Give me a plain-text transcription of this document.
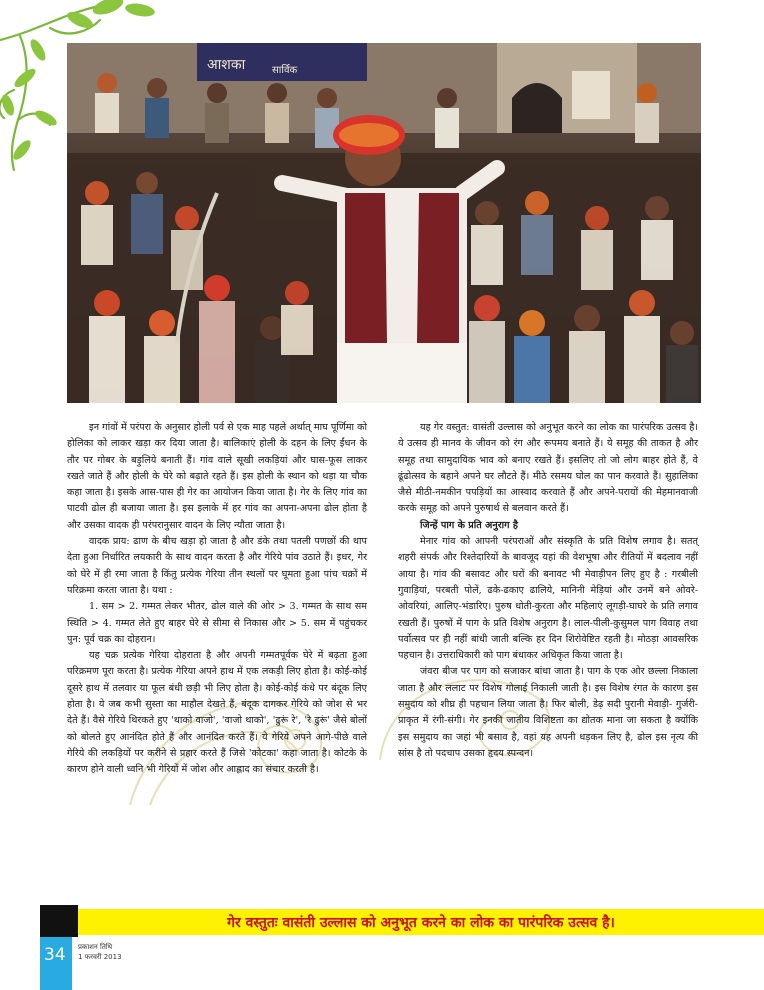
आशका	सार्विक

इन गांवों में परंपरा के अनुसार होली पर्व से एक माह पहले अर्थात् माघ पूर्णिमा को होलिका को लाकर खड़ा कर दिया जाता है। बालिकाएं होली के दहन के लिए ईंधन के तौर पर गोबर के बड़ुलिये बनाती हैं। गांव वाले सूखी लकड़ियां और घास-फूस लाकर रखते जाते हैं और होली के घेरे को बढ़ाते रहते हैं। इस होली के स्थान को थड़ा या चौक कहा जाता है। इसके आस-पास ही गेर का आयोजन किया जाता है। गेर के लिए गांव का पाटवी ढोल ही बजाया जाता है। इस इलाके में हर गांव का अपना-अपना ढोल होता है और उसका वादक ही परंपरानुसार वादन के लिए न्यौता जाता है।

वादक प्राय: ढाण के बीच खड़ा हो जाता है और डंके तथा पतली पणछों की थाप देता हुआ निर्धारित लयकारी के साथ वादन करता है और गेरिये पांव उठाते हैं। इधर, गेर को घेरे में ही रमा जाता है किंतु प्रत्येक गेरिया तीन स्थलों पर घूमता हुआ पांच चक्रों में परिक्रमा करता जाता है। यथा :

1. सम > 2. गम्मत लेकर भीतर, ढोल वाले की ओर > 3. गम्मत के साथ सम स्थिति > 4. गम्मत लेते हुए बाहर घेरे से सीमा से निकास और > 5. सम में पहुंचकर पुन: पूर्व चक्र का दोहरान।

यह चक्र प्रत्येक गेरिया दोहराता है और अपनी गम्मतपूर्वक घेरे में बढ़ता हुआ परिक्रमण पूरा करता है। प्रत्येक गेरिया अपने हाथ में एक लकड़ी लिए होता है। कोई-कोई दूसरे हाथ में तलवार या फूल बंधी छड़ी भी लिए होता है। कोई-कोई कंधे पर बंदूक लिए होता है। ये जब कभी सुस्ता का माहौल देखते हैं, बंदूक दागकर गेरिये को जोश से भर देते हैं। वैसे गेरिये थिरकते हुए 'थाको वाजो', 'वाजो थाको', 'ढुरूं रे', 'रे ढुरूं' जैसे बोलों को बोलते हुए आनंदित होते हैं और आनंदित करते हैं। ये गेरिये अपने आगे-पीछे वाले गेरिये की लकड़ियों पर करीने से प्रहार करते हैं जिसे 'कोटका' कहा जाता है। कोटके के कारण होने वाली ध्वनि भी गेरियों में जोश और आह्लाद का संचार करती है।

यह गेर वस्तुत: वासंती उल्लास को अनुभूत करने का लोक का पारंपरिक उत्सव है। ये उत्सव ही मानव के जीवन को रंग और रूपमय बनाते हैं। ये समूह की ताकत है और समूह तथा सामुदायिक भाव को बनाए रखते हैं। इसलिए तो जो लोग बाहर होते हैं, वे ढूंढोत्सव के बहाने अपने घर लौटते हैं। मीठे रसमय घोल का पान करवाते हैं। सुहालिका जैसे मीठी-नमकीन पपड़ियों का आस्वाद करवाते हैं और अपने-परायों की मेहमानवाजी करके समूह को अपने पुरुषार्थ से बलवान करते हैं।

जिन्हें पाग के प्रति अनुराग है

मेनार गांव को आपनी परंपराओं और संस्कृति के प्रति विशेष लगाव है। सतत् शहरी संपर्क और रिश्तेदारियों के बावजूद यहां की वेशभूषा और रीतियों में बदलाव नहीं आया है। गांव की बसावट और घरों की बनावट भी मेवाड़ीपन लिए हुए है : गरबीली गुवाड़ियां, परबती पोलें, ढके-ढकाए ढालिये, मानिनी मेड़ियां और उनमें बने ओवरे-ओवरियां, आलिए-भंडारिए। पुरुष धोती-कुरता और महिलाएं लूगड़ी-घाघरे के प्रति लगाव रखती हैं। पुरुषों में पाग के प्रति विशेष अनुराग है। लाल-पीली-कुसुमल पाग विवाह तथा पर्वोत्सव पर ही नहीं बांधी जाती बल्कि हर दिन शिरोवेष्टित रहती है। मोठड़ा आवसरिक पहचान है। उत्तराधिकारी को पाग बंधाकर अधिकृत किया जाता है।

जंवरा बीज पर पाग को सजाकर बांधा जाता है। पाग के एक ओर छल्ला निकाला जाता है और ललाट पर विशेष गोलाई निकाली जाती है। इस विशेष रंगत के कारण इस समुदाय को शीघ्र ही पहचान लिया जाता है। फिर बोली, डेढ़ सदी पुरानी मेवाड़ी- गुर्जरी-प्राकृत में रंगी-संगी। गेर इनकी जातीय विशिष्टता का द्योतक माना जा सकता है क्योंकि इस समुदाय का जहां भी बसाव है, वहां यह अपनी धड़कन लिए है, ढोल इस नृत्य की सांस है तो पदचाप उसका हृदय स्पन्दन।

गेर वस्तुतः वासंती उल्लास को अनुभूत करने का लोक का पारंपरिक उत्सव है।
34 प्रकाशन तिथि
1 फरवरी 2013
